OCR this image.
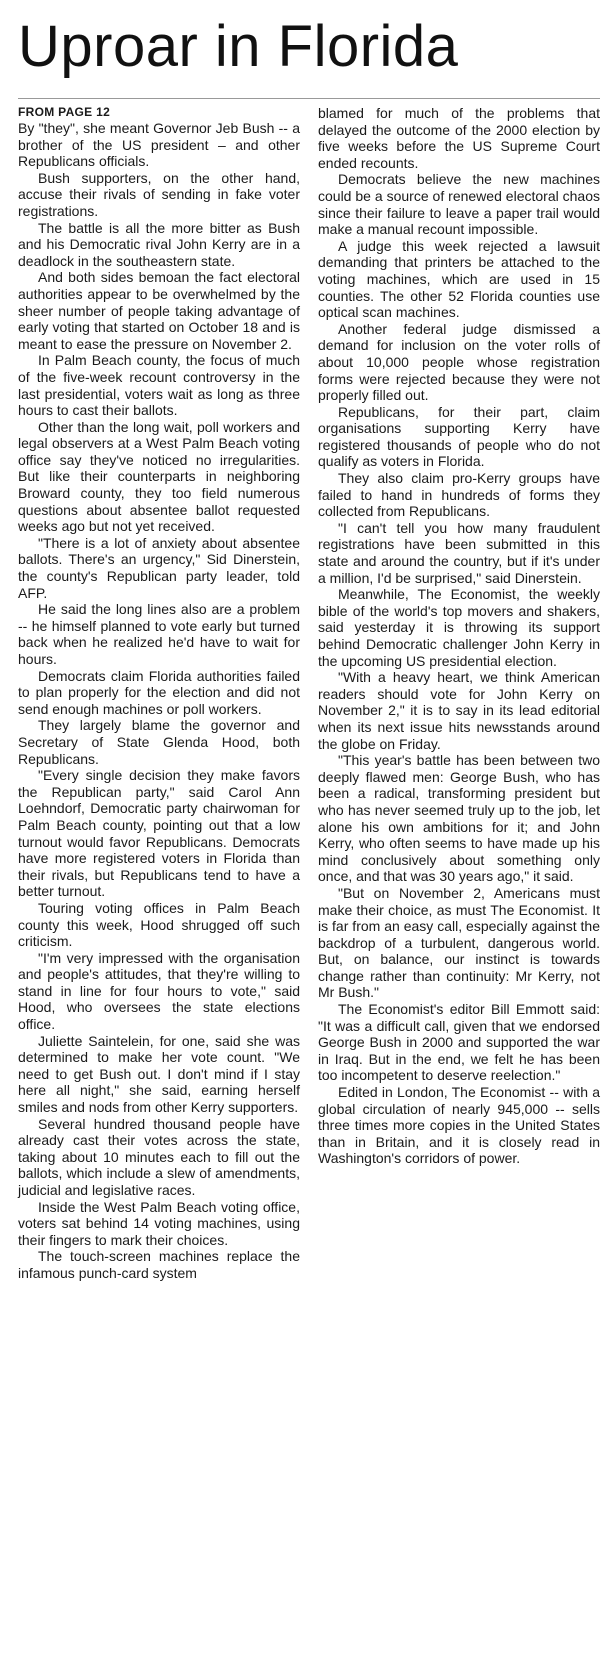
Uproar in Florida
FROM PAGE 12

By "they", she meant Governor Jeb Bush -- a brother of the US president – and other Republicans officials.

Bush supporters, on the other hand, accuse their rivals of sending in fake voter registrations.

The battle is all the more bitter as Bush and his Democratic rival John Kerry are in a deadlock in the southeastern state.

And both sides bemoan the fact electoral authorities appear to be overwhelmed by the sheer number of people taking advantage of early voting that started on October 18 and is meant to ease the pressure on November 2.

In Palm Beach county, the focus of much of the five-week recount controversy in the last presidential, voters wait as long as three hours to cast their ballots.

Other than the long wait, poll workers and legal observers at a West Palm Beach voting office say they've noticed no irregularities. But like their counterparts in neighboring Broward county, they too field numerous questions about absentee ballot requested weeks ago but not yet received.

"There is a lot of anxiety about absentee ballots. There's an urgency," Sid Dinerstein, the county's Republican party leader, told AFP.

He said the long lines also are a problem -- he himself planned to vote early but turned back when he realized he'd have to wait for hours.

Democrats claim Florida authorities failed to plan properly for the election and did not send enough machines or poll workers.

They largely blame the governor and Secretary of State Glenda Hood, both Republicans.

"Every single decision they make favors the Republican party," said Carol Ann Loehndorf, Democratic party chairwoman for Palm Beach county, pointing out that a low turnout would favor Republicans. Democrats have more registered voters in Florida than their rivals, but Republicans tend to have a better turnout.

Touring voting offices in Palm Beach county this week, Hood shrugged off such criticism.

"I'm very impressed with the organisation and people's attitudes, that they're willing to stand in line for four hours to vote," said Hood, who oversees the state elections office.

Juliette Saintelein, for one, said she was determined to make her vote count. "We need to get Bush out. I don't mind if I stay here all night," she said, earning herself smiles and nods from other Kerry supporters.

Several hundred thousand people have already cast their votes across the state, taking about 10 minutes each to fill out the ballots, which include a slew of amendments, judicial and legislative races.

Inside the West Palm Beach voting office, voters sat behind 14 voting machines, using their fingers to mark their choices.

The touch-screen machines replace the infamous punch-card system

blamed for much of the problems that delayed the outcome of the 2000 election by five weeks before the US Supreme Court ended recounts.

Democrats believe the new machines could be a source of renewed electoral chaos since their failure to leave a paper trail would make a manual recount impossible.

A judge this week rejected a lawsuit demanding that printers be attached to the voting machines, which are used in 15 counties. The other 52 Florida counties use optical scan machines.

Another federal judge dismissed a demand for inclusion on the voter rolls of about 10,000 people whose registration forms were rejected because they were not properly filled out.

Republicans, for their part, claim organisations supporting Kerry have registered thousands of people who do not qualify as voters in Florida.

They also claim pro-Kerry groups have failed to hand in hundreds of forms they collected from Republicans.

"I can't tell you how many fraudulent registrations have been submitted in this state and around the country, but if it's under a million, I'd be surprised," said Dinerstein.

Meanwhile, The Economist, the weekly bible of the world's top movers and shakers, said yesterday it is throwing its support behind Democratic challenger John Kerry in the upcoming US presidential election.

"With a heavy heart, we think American readers should vote for John Kerry on November 2," it is to say in its lead editorial when its next issue hits newsstands around the globe on Friday.

"This year's battle has been between two deeply flawed men: George Bush, who has been a radical, transforming president but who has never seemed truly up to the job, let alone his own ambitions for it; and John Kerry, who often seems to have made up his mind conclusively about something only once, and that was 30 years ago," it said.

"But on November 2, Americans must make their choice, as must The Economist. It is far from an easy call, especially against the backdrop of a turbulent, dangerous world. But, on balance, our instinct is towards change rather than continuity: Mr Kerry, not Mr Bush."

The Economist's editor Bill Emmott said: "It was a difficult call, given that we endorsed George Bush in 2000 and supported the war in Iraq. But in the end, we felt he has been too incompetent to deserve reelection."

Edited in London, The Economist -- with a global circulation of nearly 945,000 -- sells three times more copies in the United States than in Britain, and it is closely read in Washington's corridors of power.
